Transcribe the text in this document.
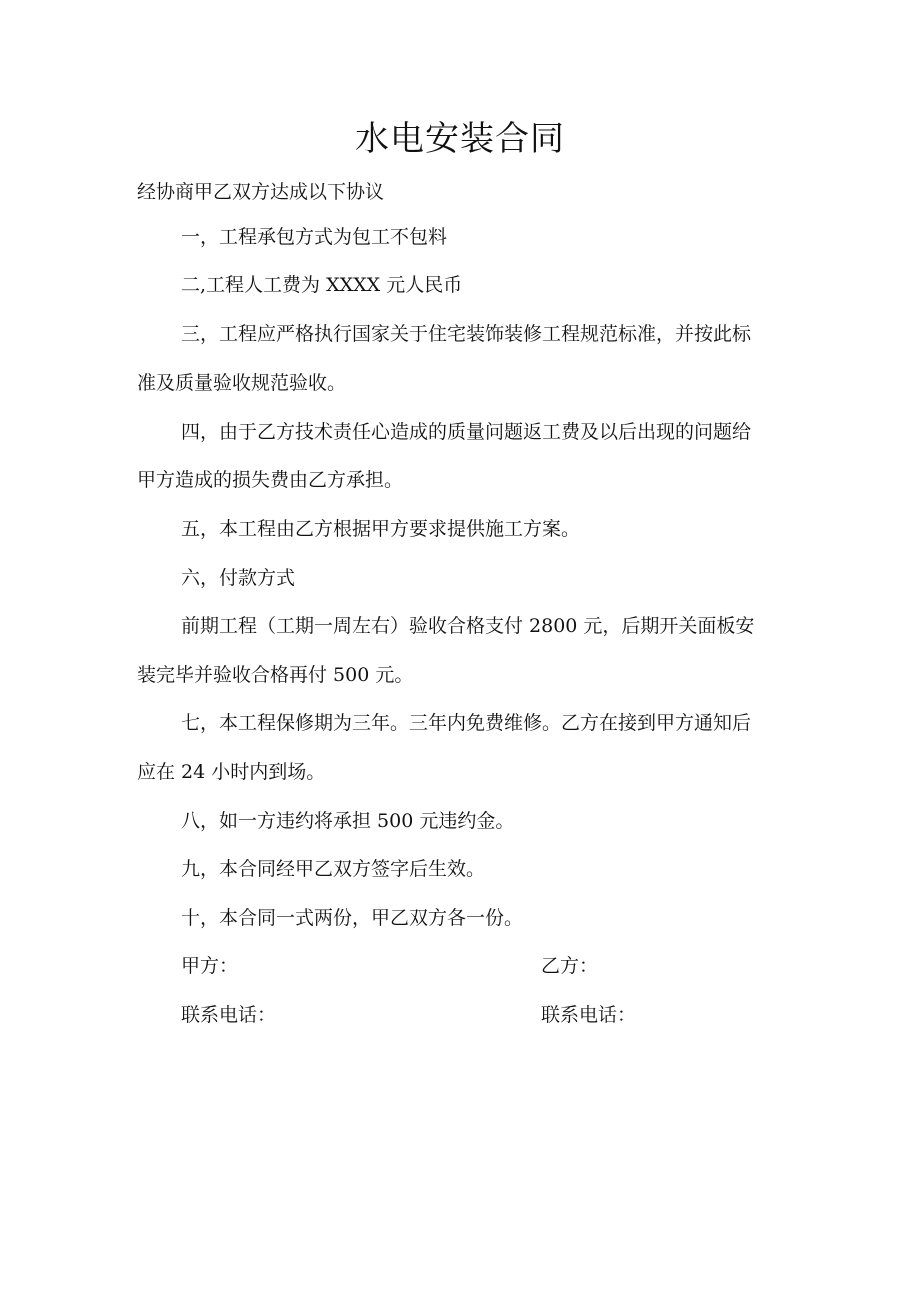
水电安装合同
经协商甲乙双方达成以下协议
一，工程承包方式为包工不包料
二,工程人工费为 XXXX 元人民币
三，工程应严格执行国家关于住宅装饰装修工程规范标准，并按此标
准及质量验收规范验收。
四，由于乙方技术责任心造成的质量问题返工费及以后出现的问题给
甲方造成的损失费由乙方承担。
五，本工程由乙方根据甲方要求提供施工方案。
六，付款方式
前期工程（工期一周左右）验收合格支付 2800 元，后期开关面板安
装完毕并验收合格再付 500 元。
七，本工程保修期为三年。三年内免费维修。乙方在接到甲方通知后
应在 24 小时内到场。
八，如一方违约将承担 500 元违约金。
九，本合同经甲乙双方签字后生效。
十，本合同一式两份，甲乙双方各一份。
甲方：	乙方：
联系电话：	联系电话：
